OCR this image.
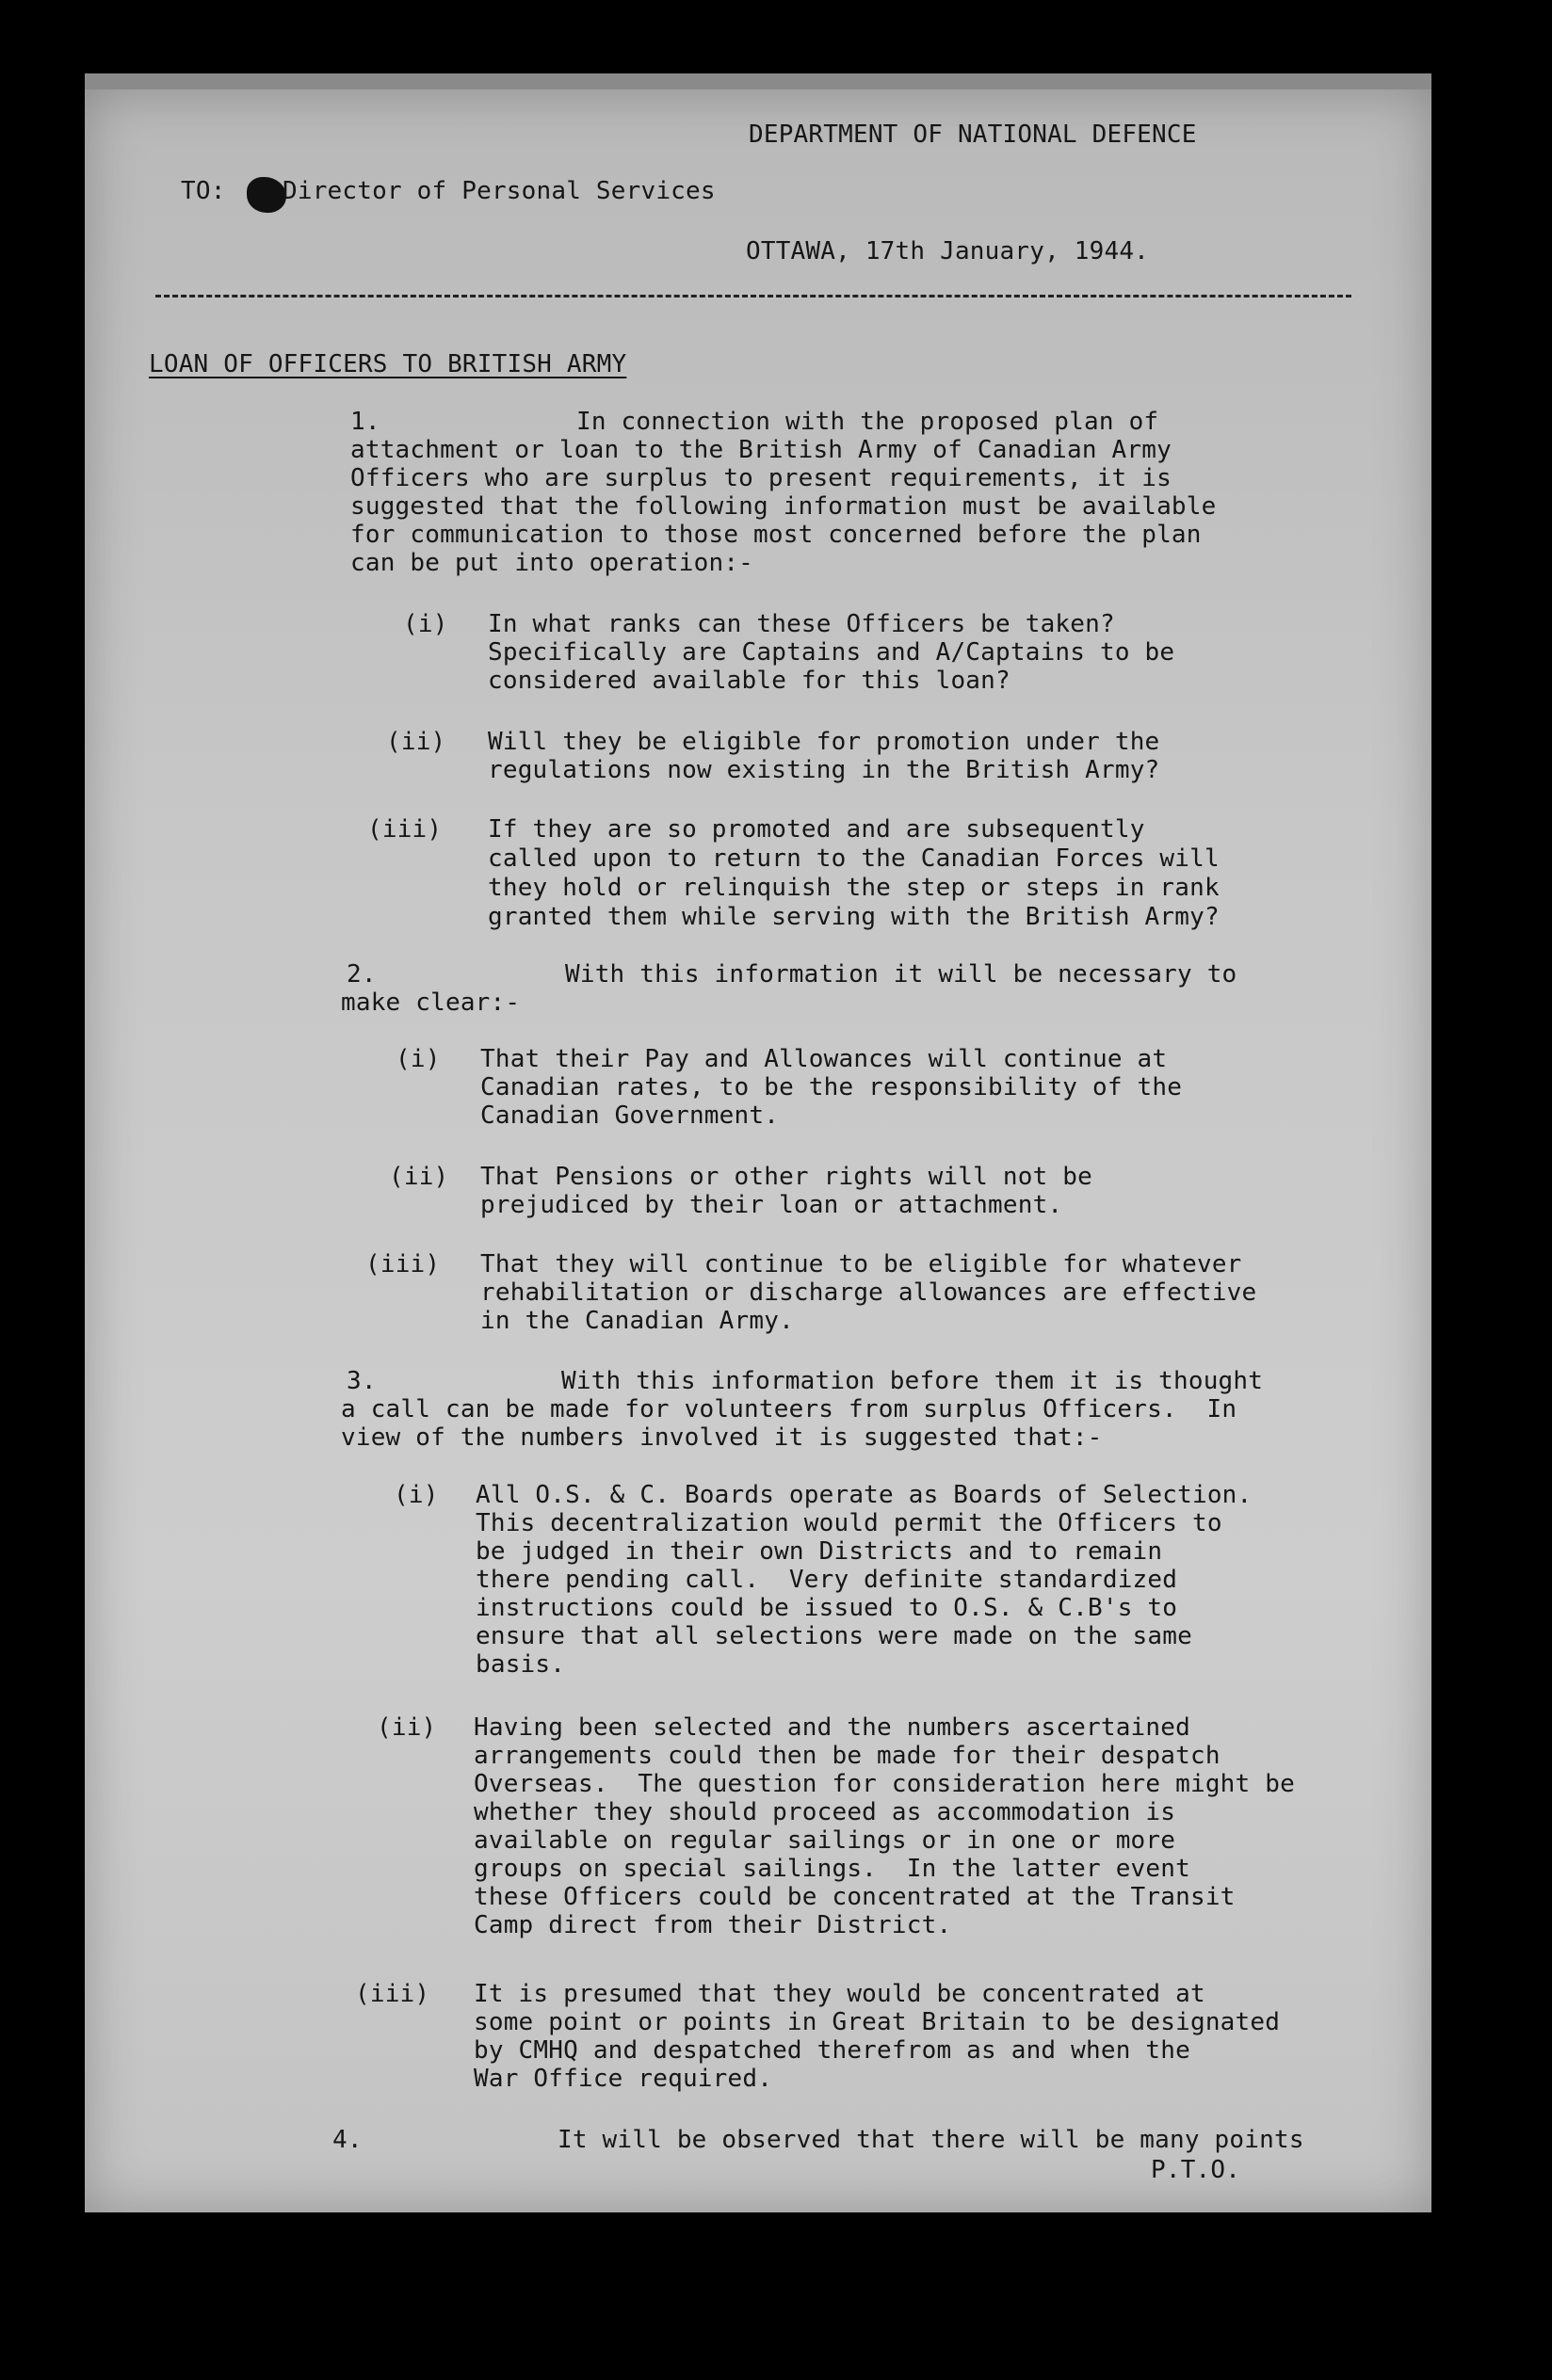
DEPARTMENT OF NATIONAL DEFENCE
TO: Director of Personal Services
OTTAWA, 17th January, 1944.
LOAN OF OFFICERS TO BRITISH ARMY
1.

	In connection with the proposed plan of

attachment or loan to the British Army of Canadian Army

Officers who are surplus to present requirements, it is

suggested that the following information must be available

for communication to those most concerned before the plan

can be put into operation:-

(i)

In what ranks can these Officers be taken?

Specifically are Captains and A/Captains to be

considered available for this loan?

(ii)

Will they be eligible for promotion under the

regulations now existing in the British Army?

(iii)

If they are so promoted and are subsequently

called upon to return to the Canadian Forces will

they hold or relinquish the step or steps in rank

granted them while serving with the British Army?

2.

	With this information it will be necessary to

make clear:-

(i)

That their Pay and Allowances will continue at

Canadian rates, to be the responsibility of the

Canadian Government.

(ii)

That Pensions or other rights will not be

prejudiced by their loan or attachment.

(iii)

That they will continue to be eligible for whatever

rehabilitation or discharge allowances are effective

in the Canadian Army.

3.

	With this information before them it is thought

a call can be made for volunteers from surplus Officers.  In

view of the numbers involved it is suggested that:-

(i)

All O.S. & C. Boards operate as Boards of Selection.

This decentralization would permit the Officers to

be judged in their own Districts and to remain

there pending call.  Very definite standardized

instructions could be issued to O.S. & C.B's to

ensure that all selections were made on the same

basis.

(ii)

Having been selected and the numbers ascertained

arrangements could then be made for their despatch

Overseas.  The question for consideration here might be

whether they should proceed as accommodation is

available on regular sailings or in one or more

groups on special sailings.  In the latter event

these Officers could be concentrated at the Transit

Camp direct from their District.

(iii)

It is presumed that they would be concentrated at

some point or points in Great Britain to be designated

by CMHQ and despatched therefrom as and when the

War Office required.

4.	It will be observed that there will be many points
P.T.O.
